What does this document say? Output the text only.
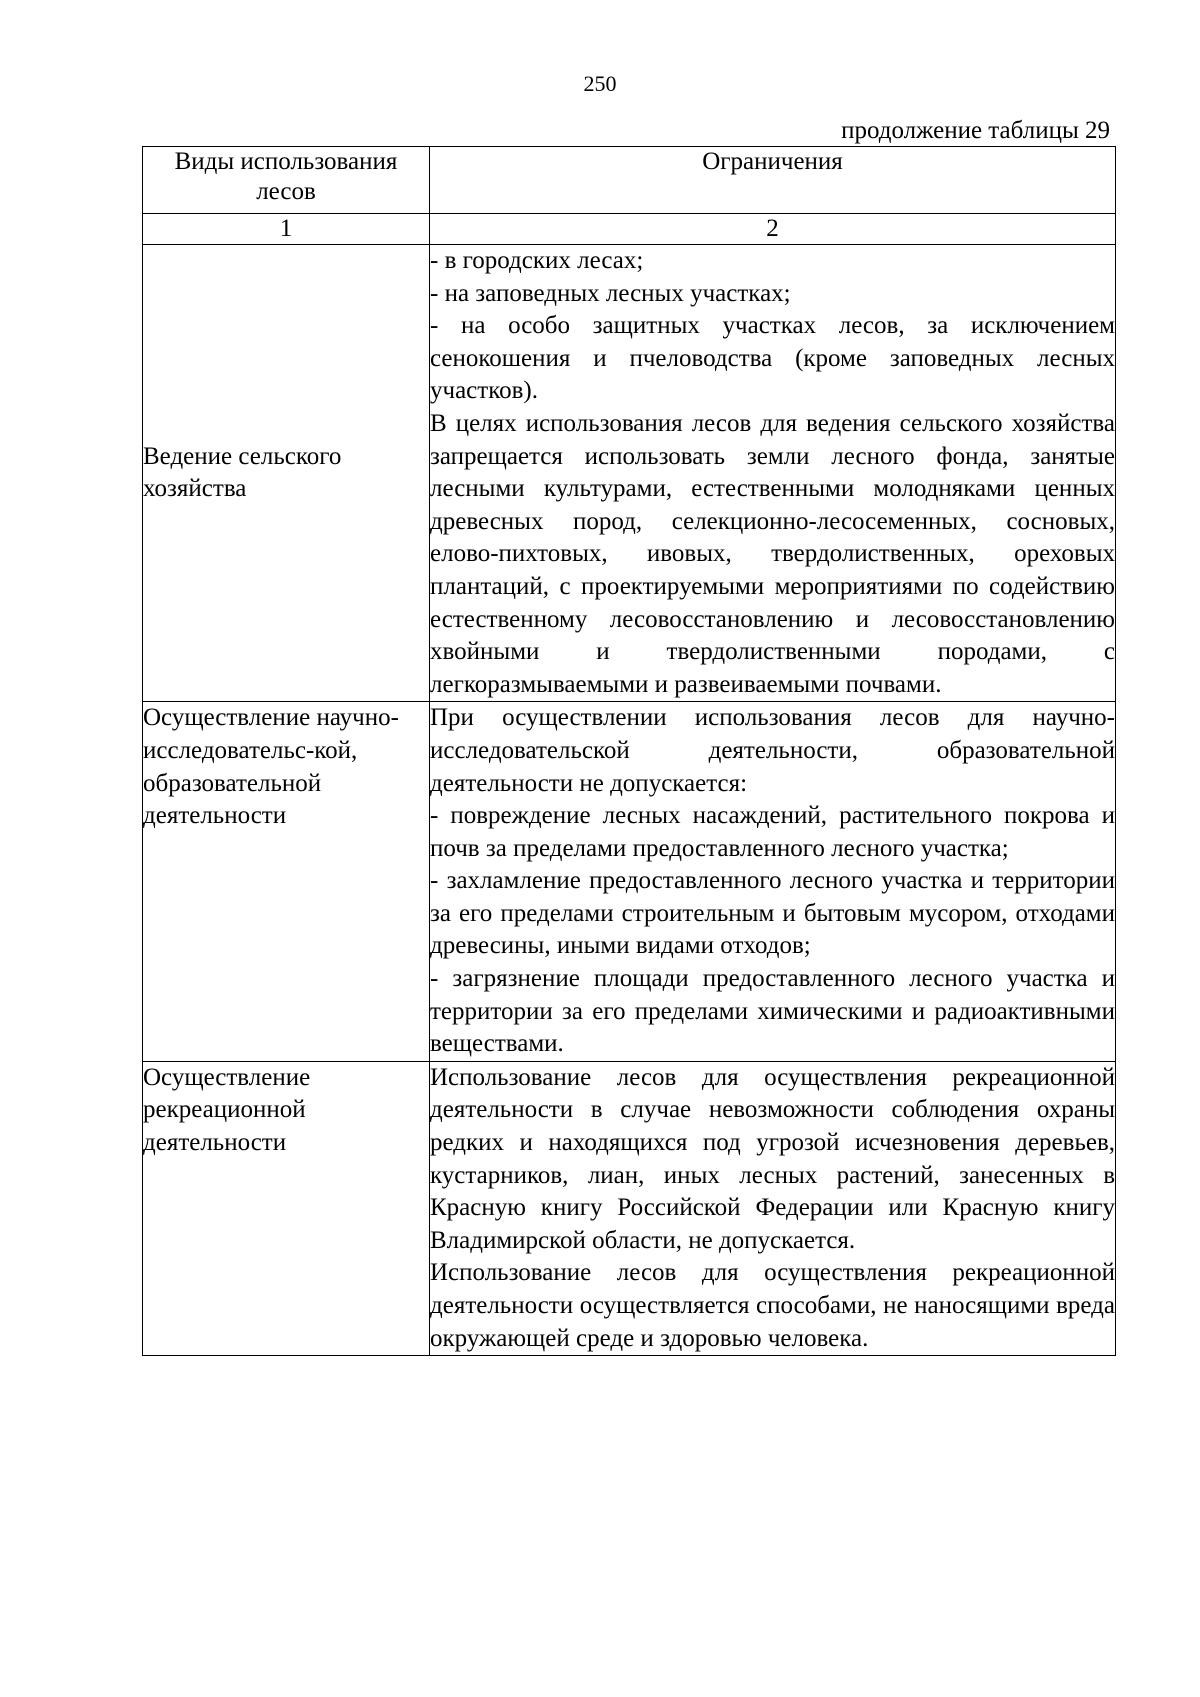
250
продолжение таблицы 29
Виды использования лесов	Ограничения
1	2

Ведение сельского хозяйства	- в городских лесах;
- на заповедных лесных участках;
- на особо защитных участках лесов, за исключением сенокошения и пчеловодства (кроме заповедных лесных участков).
В целях использования лесов для ведения сельского хозяйства запрещается использовать земли лесного фонда, занятые лесными культурами, естественными молодняками ценных древесных пород, селекционно-лесосеменных, сосновых, елово-пихтовых, ивовых, твердолиственных, ореховых плантаций, с проектируемыми мероприятиями по содействию естественному лесовосстановлению и лесовосстановлению хвойными и твердолиственными породами, с легкоразмываемыми и развеиваемыми почвами.

Осуществление научно-исследовательс-кой, образовательной деятельности	При осуществлении использования лесов для научно-исследовательской деятельности, образовательной деятельности не допускается:
- повреждение лесных насаждений, растительного покрова и почв за пределами предоставленного лесного участка;
- захламление предоставленного лесного участка и территории за его пределами строительным и бытовым мусором, отходами древесины, иными видами отходов;
- загрязнение площади предоставленного лесного участка и территории за его пределами химическими и радиоактивными веществами.

Осуществление рекреационной деятельности	Использование лесов для осуществления рекреационной деятельности в случае невозможности соблюдения охраны редких и находящихся под угрозой исчезновения деревьев, кустарников, лиан, иных лесных растений, занесенных в Красную книгу Российской Федерации или Красную книгу Владимирской области, не допускается.
Использование лесов для осуществления рекреационной деятельности осуществляется способами, не наносящими вреда окружающей среде и здоровью человека.
